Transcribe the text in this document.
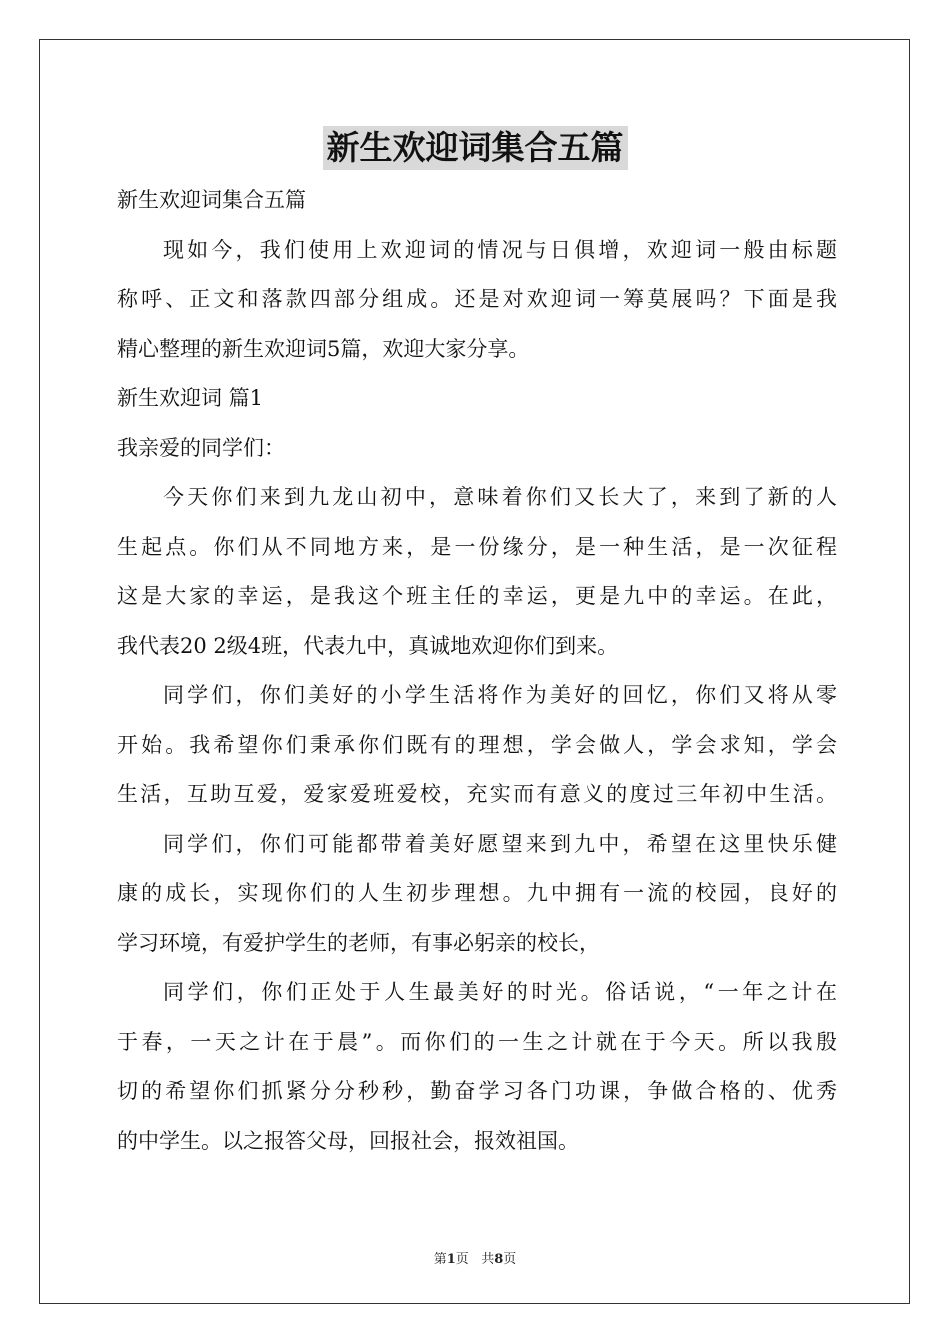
新生欢迎词集合五篇
新生欢迎词集合五篇
现如今，我们使用上欢迎词的情况与日俱增，欢迎词一般由标题
称呼、正文和落款四部分组成。还是对欢迎词一筹莫展吗？下面是我
精心整理的新生欢迎词5篇，欢迎大家分享。
新生欢迎词 篇1
我亲爱的同学们：
今天你们来到九龙山初中，意味着你们又长大了，来到了新的人
生起点。你们从不同地方来，是一份缘分，是一种生活，是一次征程
这是大家的幸运，是我这个班主任的幸运，更是九中的幸运。在此，
我代表20 2级4班，代表九中，真诚地欢迎你们到来。
同学们，你们美好的小学生活将作为美好的回忆，你们又将从零
开始。我希望你们秉承你们既有的理想，学会做人，学会求知，学会
生活，互助互爱，爱家爱班爱校，充实而有意义的度过三年初中生活。
同学们，你们可能都带着美好愿望来到九中，希望在这里快乐健
康的成长，实现你们的人生初步理想。九中拥有一流的校园，良好的
学习环境，有爱护学生的老师，有事必躬亲的校长，
同学们，你们正处于人生最美好的时光。俗话说，“一年之计在
于春，一天之计在于晨”。而你们的一生之计就在于今天。所以我殷
切的希望你们抓紧分分秒秒，勤奋学习各门功课，争做合格的、优秀
的中学生。以之报答父母，回报社会，报效祖国。
第1页 共8页
